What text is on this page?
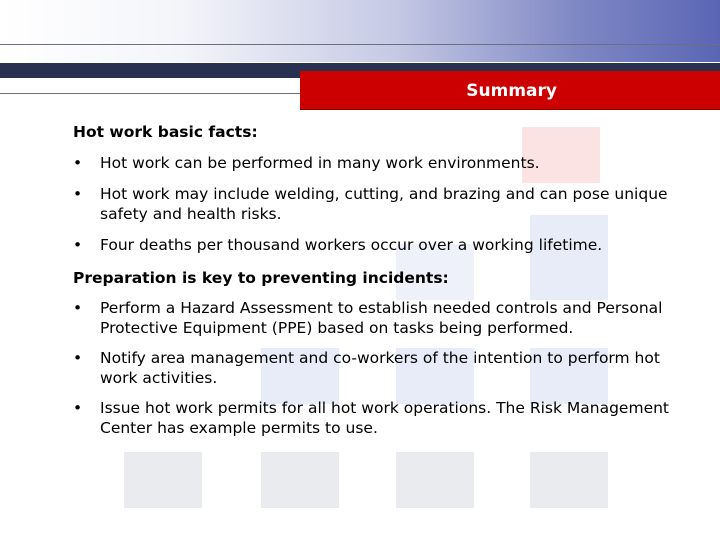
Summary

Hot work basic facts:

• Hot work can be performed in many work environments.
• Hot work may include welding, cutting, and brazing and can pose unique safety and health risks.
• Four deaths per thousand workers occur over a working lifetime.

Preparation is key to preventing incidents:

• Perform a Hazard Assessment to establish needed controls and Personal Protective Equipment (PPE) based on tasks being performed.
• Notify area management and co-workers of the intention to perform hot work activities.
• Issue hot work permits for all hot work operations. The Risk Management Center has example permits to use.
